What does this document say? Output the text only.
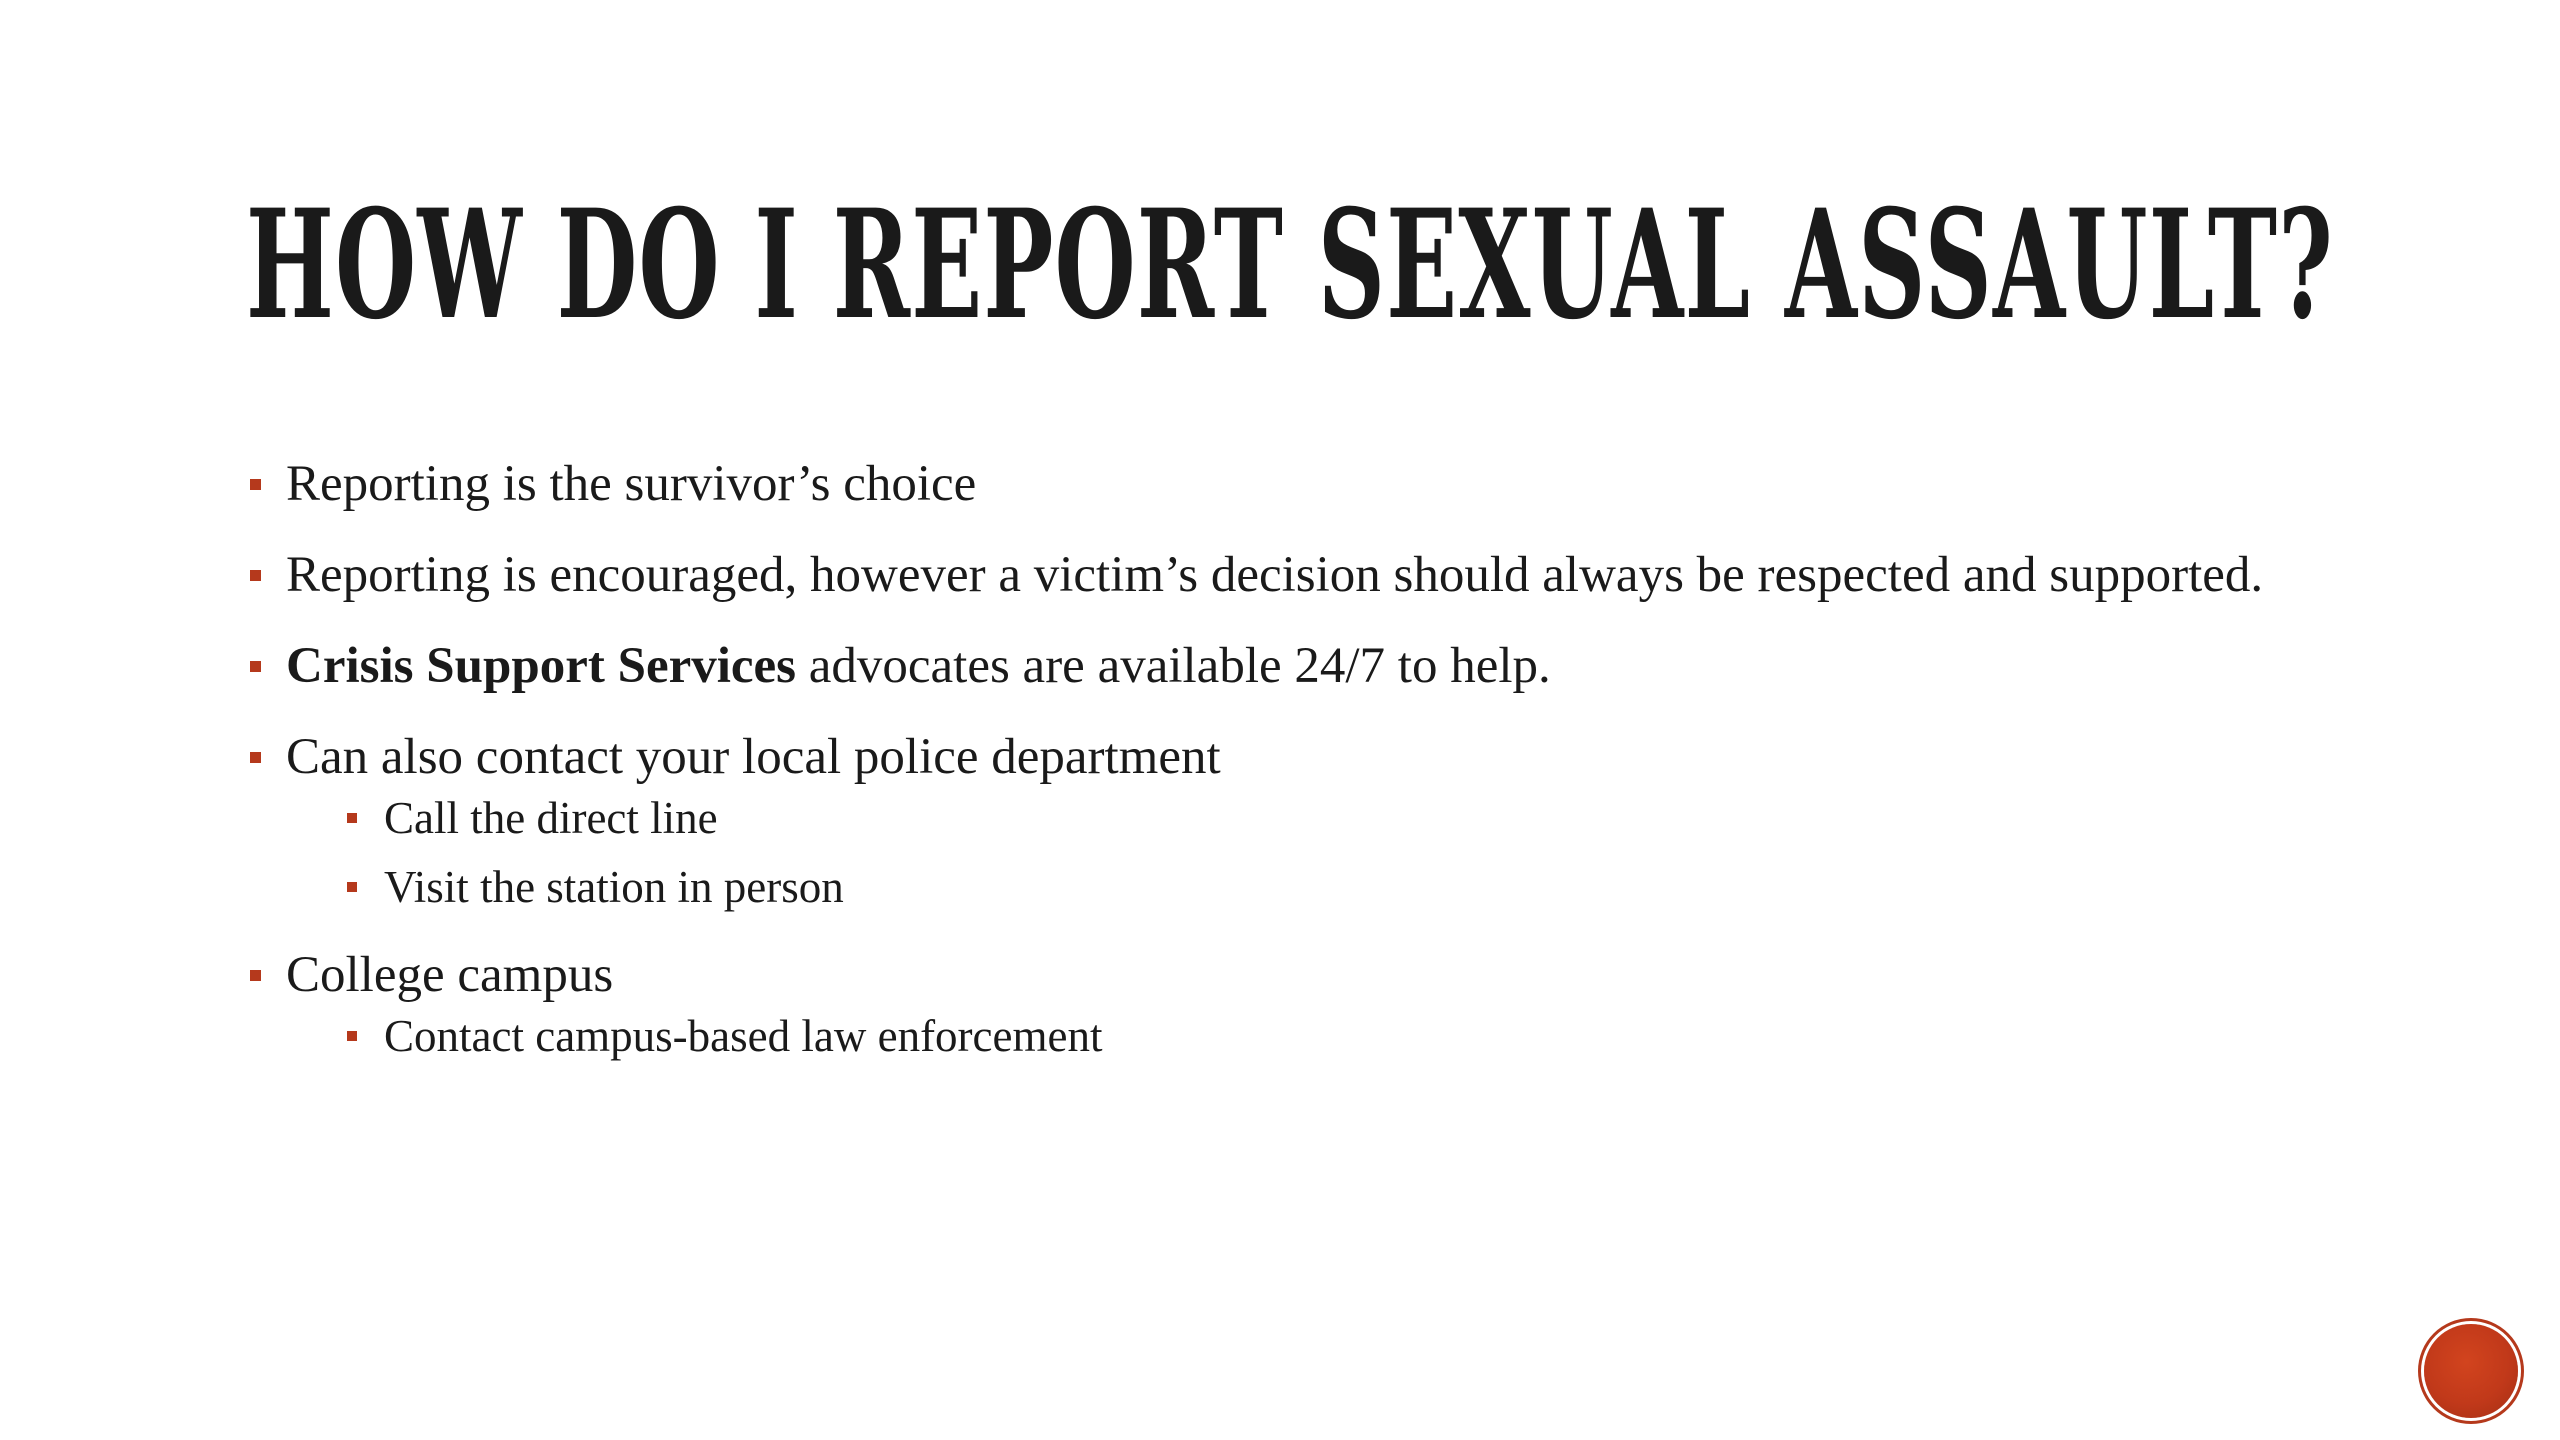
HOW DO I REPORT SEXUAL ASSAULT?
Reporting is the survivor’s choice
Reporting is encouraged, however a victim’s decision should always be respected and supported.
Crisis Support Services advocates are available 24/7 to help.
Can also contact your local police department
Call the direct line
Visit the station in person
College campus
Contact campus-based law enforcement
